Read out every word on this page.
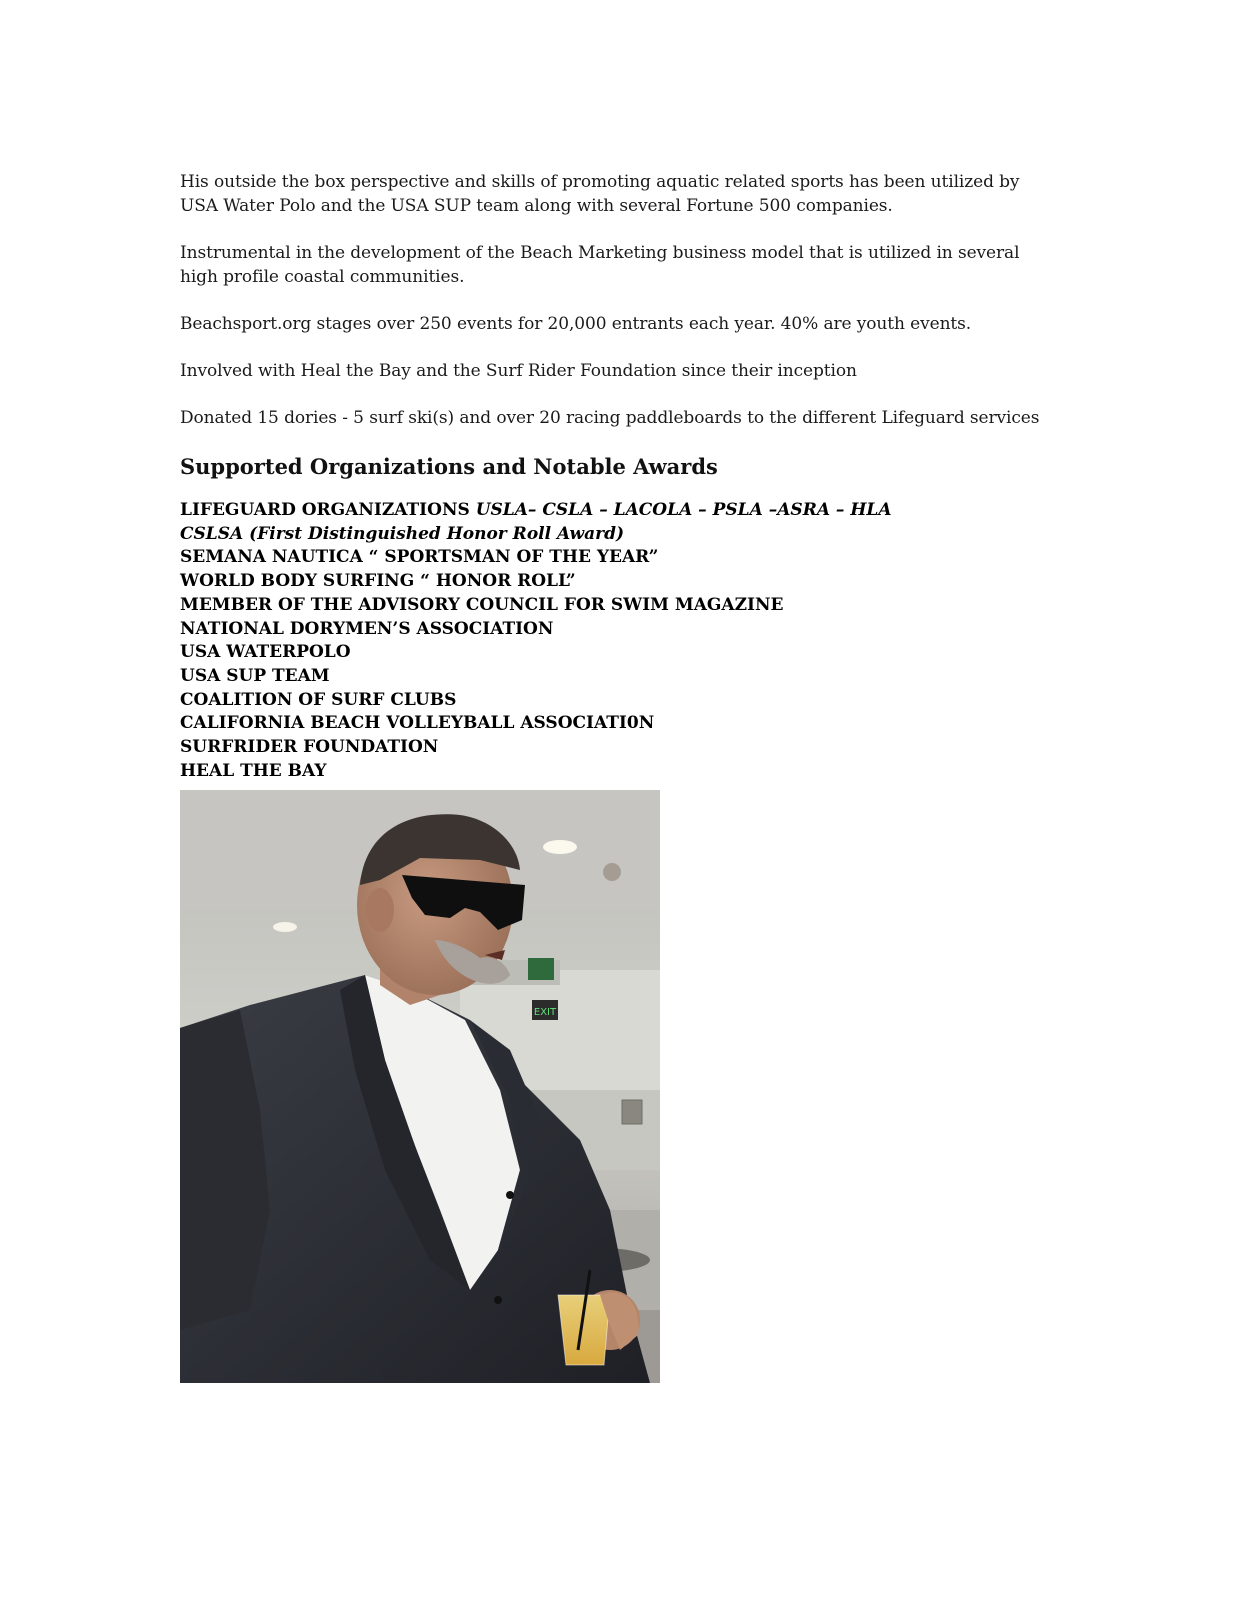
His outside the box perspective and skills of promoting aquatic related sports has been utilized by USA Water Polo and the USA SUP team along with several Fortune 500 companies.

Instrumental in the development of the Beach Marketing business model that is utilized in several high profile coastal communities.

Beachsport.org stages over 250 events for 20,000 entrants each year. 40% are youth events.

Involved with Heal the Bay and the Surf Rider Foundation since their inception

Donated 15 dories - 5 surf ski(s) and over 20 racing paddleboards to the different Lifeguard services

Supported Organizations and Notable Awards
LIFEGUARD ORGANIZATIONS USLA– CSLA – LACOLA – PSLA –ASRA – HLA
CSLSA (First Distinguished Honor Roll Award)
SEMANA NAUTICA “ SPORTSMAN OF THE YEAR”
WORLD BODY SURFING “ HONOR ROLL”
MEMBER OF THE ADVISORY COUNCIL FOR SWIM MAGAZINE
NATIONAL DORYMEN’S ASSOCIATION
USA WATERPOLO
USA SUP TEAM
COALITION OF SURF CLUBS
CALIFORNIA BEACH VOLLEYBALL ASSOCIATI0N
SURFRIDER FOUNDATION
HEAL THE BAY
EXIT
